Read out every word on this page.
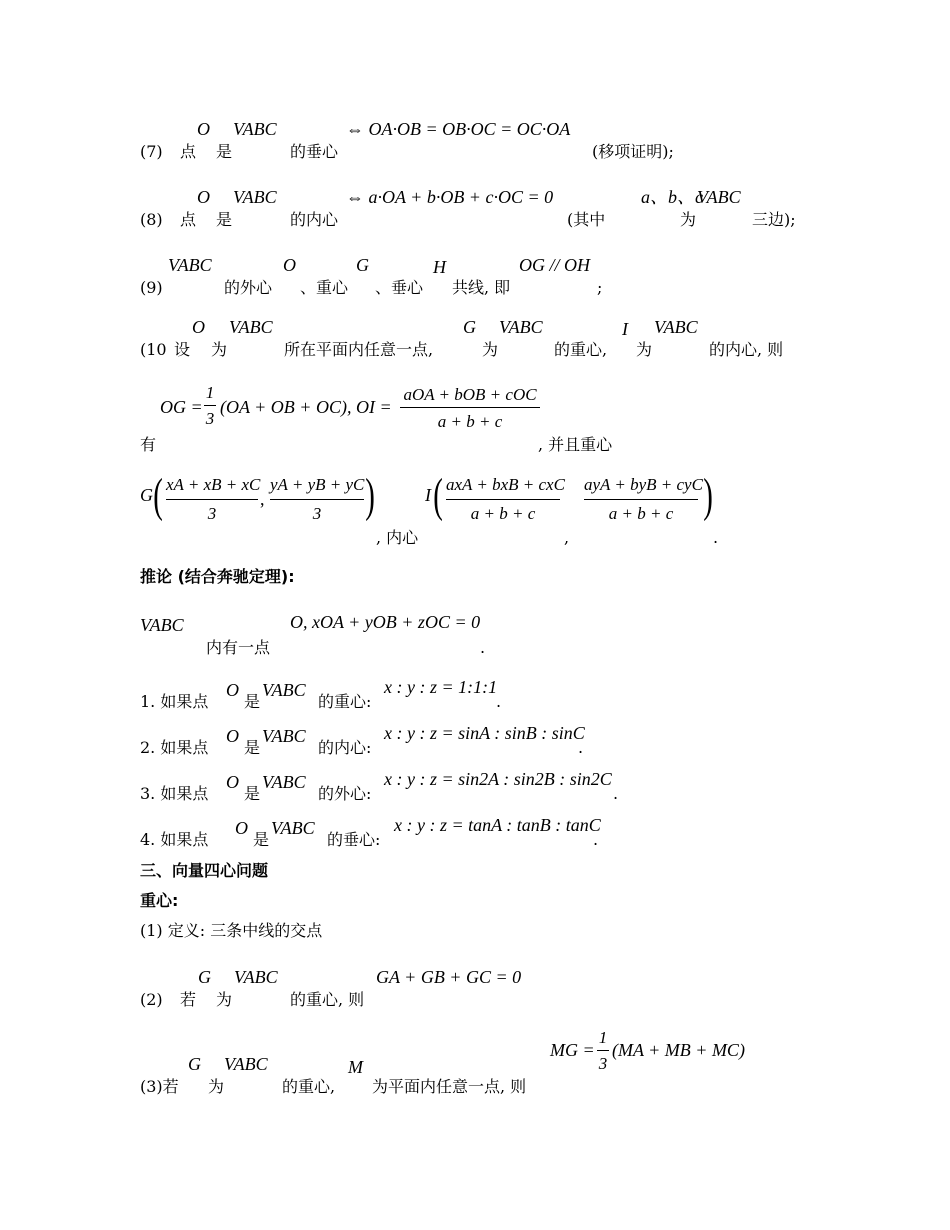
O VABC	⇔ OA·OB = OB·OC = OC·OA
(7) 点 是	的垂心	(移项证明);
O VABC	⇔ a·OA + b·OB + c·OC = 0	a、b、c
VABC
(8) 点 是	的内心	(其中	为	三边);
VABC	O	G	H	OG // OH
(9)	的外心 、重心 、垂心 共线, 即	;
O VABC	G VABC	I VABC
(10 设 为	所在平面内任意一点,	为	的重心, 为	的内心, 则
OG =
1
3
(OA + OB + OC), OI =
aOA + bOB + cOC
a + b + c
有	, 并且重心
G ( xA + xB + xC
3
,
yA + yB + yC
3 )	I ( axA + bxB + cxC
a + b + c
ayA + byB + cyC
a + b + c )
, 内心	,	.
推论 (结合奔驰定理):
VABC	O, xOA + yOB + zOC = 0
内有一点	.
1. 如果点
O
是
VABC
的重心:
x : y : z = 1:1:1
.
2. 如果点
O
是
VABC
的内心:
x : y : z = sinA : sinB : sinC
.
3. 如果点
O
是
VABC
的外心:
x : y : z = sin2A : sin2B : sin2C
.
4. 如果点
O
是
VABC
的垂心:
x : y : z = tanA : tanB : tanC
.
三、向量四心问题
重心:
(1) 定义: 三条中线的交点
G VABC	GA + GB + GC = 0
(2) 若 为	的重心, 则
MG =
1
3
(MA + MB + MC)
G VABC	M
(3)若 为	的重心, 为平面内任意一点, 则
